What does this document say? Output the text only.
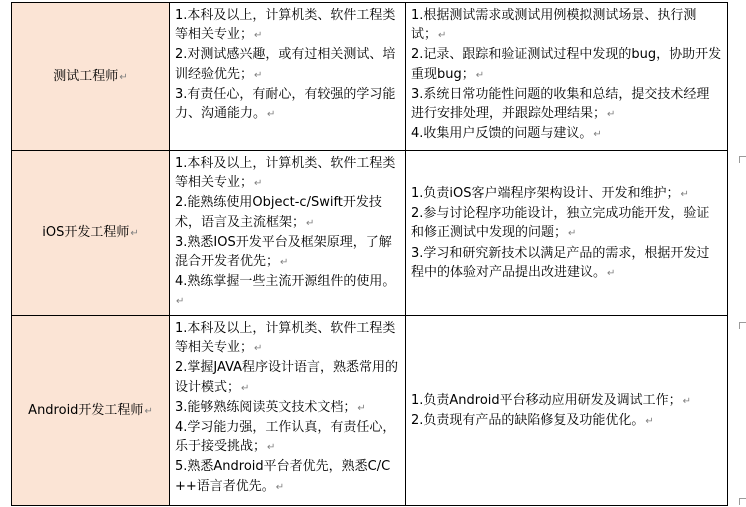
测试工程师↵	1.本科及以上，计算机类、软件工程类等相关专业；↵
2.对测试感兴趣，或有过相关测试、培训经验优先；↵
3.有责任心，有耐心，有较强的学习能力、沟通能力。↵	1.根据测试需求或测试用例模拟测试场景、执行测试；↵
2.记录、跟踪和验证测试过程中发现的bug，协助开发重现bug；↵
3.系统日常功能性问题的收集和总结，提交技术经理进行安排处理，并跟踪处理结果；↵
4.收集用户反馈的问题与建议。↵

iOS开发工程师↵	1.本科及以上，计算机类、软件工程类等相关专业；↵
2.能熟练使用Object-c/Swift开发技术，语言及主流框架；↵
3.熟悉IOS开发平台及框架原理，了解混合开发者优先；↵
4.熟练掌握一些主流开源组件的使用。↵	1.负责iOS客户端程序架构设计、开发和维护；↵
2.参与讨论程序功能设计，独立完成功能开发，验证和修正测试中发现的问题；↵
3.学习和研究新技术以满足产品的需求，根据开发过程中的体验对产品提出改进建议。↵

Android开发工程师↵	1.本科及以上，计算机类、软件工程类等相关专业；↵
2.掌握JAVA程序设计语言，熟悉常用的设计模式；↵
3.能够熟练阅读英文技术文档；↵
4.学习能力强，工作认真，有责任心，乐于接受挑战；↵
5.熟悉Android平台者优先，熟悉C/C++语言者优先。↵	1.负责Android平台移动应用研发及调试工作；↵
2.负责现有产品的缺陷修复及功能优化。↵
